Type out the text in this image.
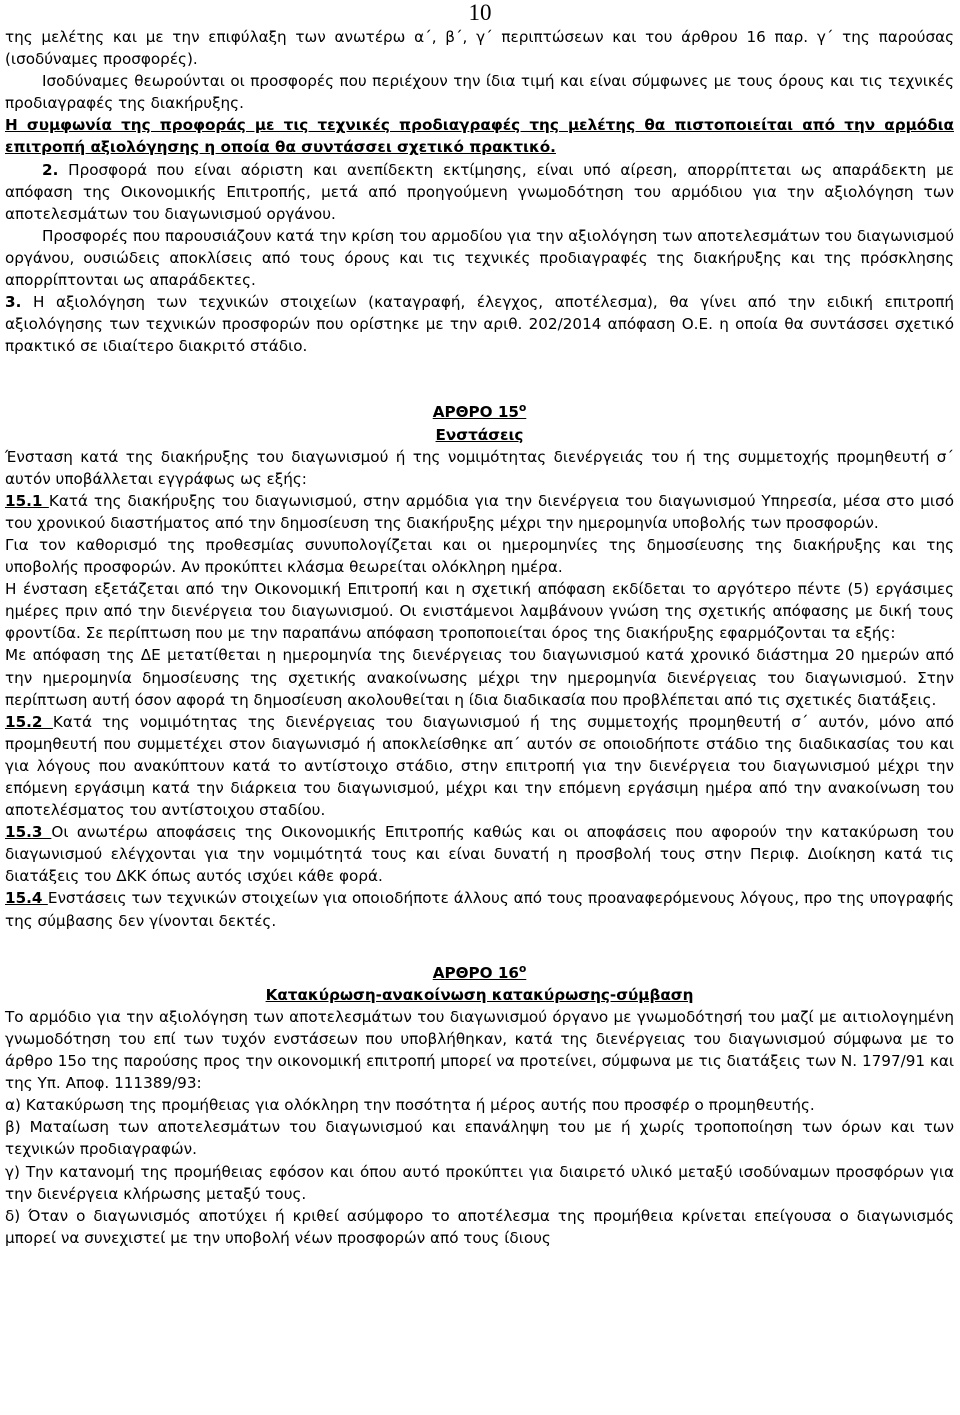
10

της μελέτης και με την επιφύλαξη των ανωτέρω α΄, β΄, γ΄ περιπτώσεων και του άρθρου 16 παρ. γ΄ της παρούσας (ισοδύναμες προσφορές).

Ισοδύναμες θεωρούνται οι προσφορές που περιέχουν την ίδια τιμή και είναι σύμφωνες με τους όρους και τις τεχνικές προδιαγραφές της διακήρυξης.

Η συμφωνία της προφοράς με τις τεχνικές προδιαγραφές της μελέτης θα πιστοποιείται από την αρμόδια επιτροπή αξιολόγησης η οποία θα συντάσσει σχετικό πρακτικό.

2. Προσφορά που είναι αόριστη και ανεπίδεκτη εκτίμησης, είναι υπό αίρεση, απορρίπτεται ως απαράδεκτη με απόφαση της Οικονομικής Επιτροπής, μετά από προηγούμενη γνωμοδότηση του αρμόδιου για την αξιολόγηση των αποτελεσμάτων του διαγωνισμού οργάνου.

Προσφορές που παρουσιάζουν κατά την κρίση του αρμοδίου για την αξιολόγηση των αποτελεσμάτων του διαγωνισμού οργάνου, ουσιώδεις αποκλίσεις από τους όρους και τις τεχνικές προδιαγραφές της διακήρυξης και της πρόσκλησης απορρίπτονται ως απαράδεκτες.

3. Η αξιολόγηση των τεχνικών στοιχείων (καταγραφή, έλεγχος, αποτέλεσμα), θα γίνει από την ειδική επιτροπή αξιολόγησης των τεχνικών προσφορών που ορίστηκε με την αριθ. 202/2014 απόφαση Ο.Ε. η οποία θα συντάσσει σχετικό πρακτικό σε ιδιαίτερο διακριτό στάδιο.

ΑΡΘΡΟ $15^o$

Ενστάσεις

Ένσταση κατά της διακήρυξης του διαγωνισμού ή της νομιμότητας διενέργειάς του ή της συμμετοχής προμηθευτή σ΄ αυτόν υποβάλλεται εγγράφως ως εξής:

15.1 Κατά της διακήρυξης του διαγωνισμού, στην αρμόδια για την διενέργεια του διαγωνισμού Υπηρεσία, μέσα στο μισό του χρονικού διαστήματος από την δημοσίευση της διακήρυξης μέχρι την ημερομηνία υποβολής των προσφορών.

Για τον καθορισμό της προθεσμίας συνυπολογίζεται και οι ημερομηνίες της δημοσίευσης της διακήρυξης και της υποβολής προσφορών. Αν προκύπτει κλάσμα θεωρείται ολόκληρη ημέρα.

Η ένσταση εξετάζεται από την Οικονομική Επιτροπή και η σχετική απόφαση εκδίδεται το αργότερο πέντε (5) εργάσιμες ημέρες πριν από την διενέργεια του διαγωνισμού. Οι ενιστάμενοι λαμβάνουν γνώση της σχετικής απόφασης με δική τους φροντίδα. Σε περίπτωση που με την παραπάνω απόφαση τροποποιείται όρος της διακήρυξης εφαρμόζονται τα εξής:

Με απόφαση της ΔΕ μετατίθεται η ημερομηνία της διενέργειας του διαγωνισμού κατά χρονικό διάστημα 20 ημερών από την ημερομηνία δημοσίευσης της σχετικής ανακοίνωσης μέχρι την ημερομηνία διενέργειας του διαγωνισμού. Στην περίπτωση αυτή όσον αφορά τη δημοσίευση ακολουθείται η ίδια διαδικασία που προβλέπεται από τις σχετικές διατάξεις.

15.2 Κατά της νομιμότητας της διενέργειας του διαγωνισμού ή της συμμετοχής προμηθευτή σ΄ αυτόν, μόνο από προμηθευτή που συμμετέχει στον διαγωνισμό ή αποκλείσθηκε απ΄ αυτόν σε οποιοδήποτε στάδιο της διαδικασίας του και για λόγους που ανακύπτουν κατά το αντίστοιχο στάδιο, στην επιτροπή για την διενέργεια του διαγωνισμού μέχρι την επόμενη εργάσιμη κατά την διάρκεια του διαγωνισμού, μέχρι και την επόμενη εργάσιμη ημέρα από την ανακοίνωση του αποτελέσματος του αντίστοιχου σταδίου.

15.3 Οι ανωτέρω αποφάσεις της Οικονομικής Επιτροπής καθώς και οι αποφάσεις που αφορούν την κατακύρωση του διαγωνισμού ελέγχονται για την νομιμότητά τους και είναι δυνατή η προσβολή τους στην Περιφ. Διοίκηση κατά τις διατάξεις του ΔΚΚ όπως αυτός ισχύει κάθε φορά.

15.4 Ενστάσεις των τεχνικών στοιχείων για οποιοδήποτε άλλους από τους προαναφερόμενους λόγους, προ της υπογραφής της σύμβασης δεν γίνονται δεκτές.

ΑΡΘΡΟ $16^o$

Κατακύρωση-ανακοίνωση κατακύρωσης-σύμβαση

Το αρμόδιο για την αξιολόγηση των αποτελεσμάτων του διαγωνισμού όργανο με γνωμοδότησή του μαζί με αιτιολογημένη γνωμοδότηση του επί των τυχόν ενστάσεων που υποβλήθηκαν, κατά της διενέργειας του διαγωνισμού σύμφωνα με το άρθρο 15ο της παρούσης προς την οικονομική επιτροπή μπορεί να προτείνει, σύμφωνα με τις διατάξεις των Ν. 1797/91 και της Υπ. Αποφ. 111389/93:

α) Κατακύρωση της προμήθειας για ολόκληρη την ποσότητα ή μέρος αυτής που προσφέρ ο προμηθευτής.

β) Ματαίωση των αποτελεσμάτων του διαγωνισμού και επανάληψη του με ή χωρίς τροποποίηση των όρων και των τεχνικών προδιαγραφών.

γ) Την κατανομή της προμήθειας εφόσον και όπου αυτό προκύπτει για διαιρετό υλικό μεταξύ ισοδύναμων προσφόρων για την διενέργεια κλήρωσης μεταξύ τους.

δ) Όταν ο διαγωνισμός αποτύχει ή κριθεί ασύμφορο το αποτέλεσμα της προμήθεια κρίνεται επείγουσα ο διαγωνισμός μπορεί να συνεχιστεί με την υποβολή νέων προσφορών από τους ίδιους
